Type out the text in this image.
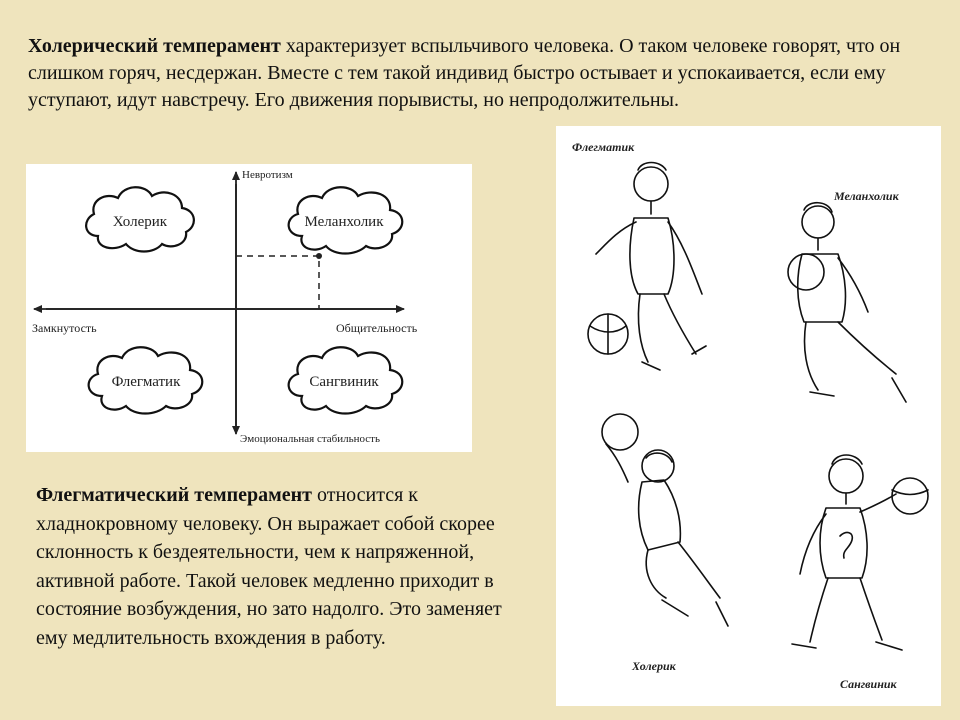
Холерический темперамент характеризует вспыльчивого человека. О таком человеке говорят, что он слишком горяч, несдержан. Вместе с тем такой индивид быстро остывает и успокаивается, если ему уступают, идут навстречу. Его движения порывисты, но непродолжительны.

Холерик	Меланхолик
Флегматик	Сангвиник
Невротизм
Эмоциональная стабильность
Замкнутость	Общительность
Флегматик
Меланхолик
Холерик
Сангвиник

Флегматический темперамент относится к хладнокровному человеку. Он выражает собой скорее склонность к бездеятельности, чем к напряженной, активной работе. Такой человек медленно приходит в состояние возбуждения, но зато надолго. Это заменяет ему медлительность вхождения в работу.
